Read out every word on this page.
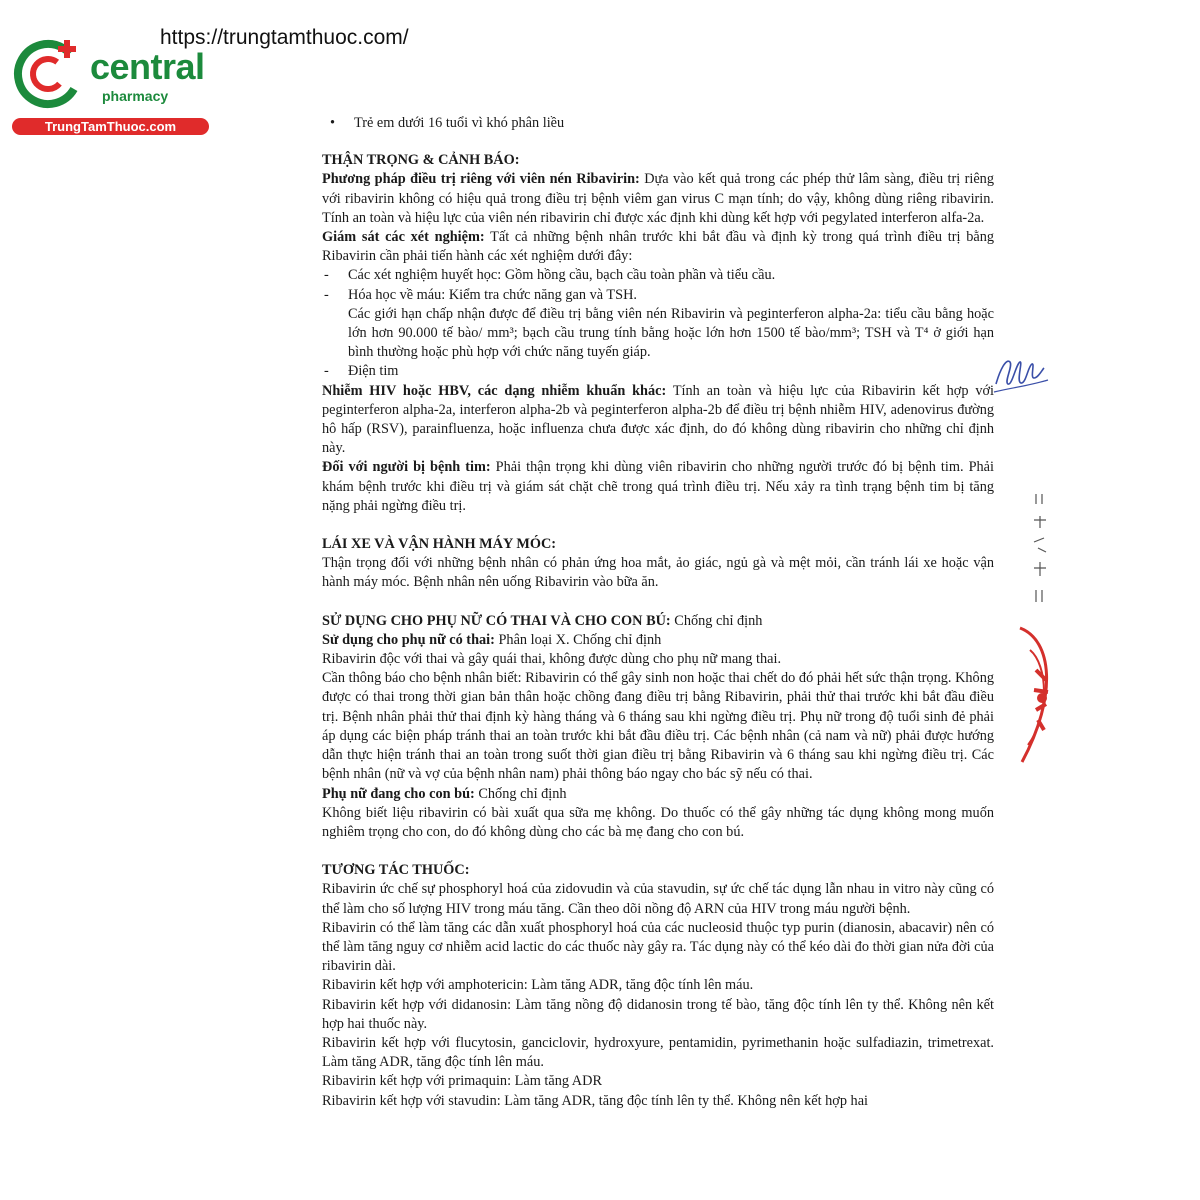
https://trungtamthuoc.com/
central
pharmacy
TrungTamThuoc.com

•	Trẻ em dưới 16 tuổi vì khó phân liều

THẬN TRỌNG & CẢNH BÁO:

Phương pháp điều trị riêng với viên nén Ribavirin: Dựa vào kết quả trong các phép thử lâm sàng, điều trị riêng với ribavirin không có hiệu quả trong điều trị bệnh viêm gan virus C mạn tính; do vậy, không dùng riêng ribavirin. Tính an toàn và hiệu lực của viên nén ribavirin chỉ được xác định khi dùng kết hợp với pegylated interferon alfa-2a.

Giám sát các xét nghiệm: Tất cả những bệnh nhân trước khi bắt đầu và định kỳ trong quá trình điều trị bằng Ribavirin cần phải tiến hành các xét nghiệm dưới đây:

- Các xét nghiệm huyết học: Gồm hồng cầu, bạch cầu toàn phần và tiểu cầu.

- Hóa học về máu: Kiểm tra chức năng gan và TSH.

Các giới hạn chấp nhận được để điều trị bằng viên nén Ribavirin và peginterferon alpha-2a: tiểu cầu bằng hoặc lớn hơn 90.000 tế bào/ mm³; bạch cầu trung tính bằng hoặc lớn hơn 1500 tế bào/mm³; TSH và T⁴ ở giới hạn bình thường hoặc phù hợp với chức năng tuyến giáp.

- Điện tim

Nhiễm HIV hoặc HBV, các dạng nhiễm khuẩn khác: Tính an toàn và hiệu lực của Ribavirin kết hợp với peginterferon alpha-2a, interferon alpha-2b và peginterferon alpha-2b để điều trị bệnh nhiễm HIV, adenovirus đường hô hấp (RSV), parainfluenza, hoặc influenza chưa được xác định, do đó không dùng ribavirin cho những chỉ định này.

Đối với người bị bệnh tim: Phải thận trọng khi dùng viên ribavirin cho những người trước đó bị bệnh tim. Phải khám bệnh trước khi điều trị và giám sát chặt chẽ trong quá trình điều trị. Nếu xảy ra tình trạng bệnh tim bị tăng nặng phải ngừng điều trị.

LÁI XE VÀ VẬN HÀNH MÁY MÓC:

Thận trọng đối với những bệnh nhân có phản ứng hoa mắt, ảo giác, ngủ gà và mệt mỏi, cần tránh lái xe hoặc vận hành máy móc. Bệnh nhân nên uống Ribavirin vào bữa ăn.

SỬ DỤNG CHO PHỤ NỮ CÓ THAI VÀ CHO CON BÚ: Chống chỉ định

Sử dụng cho phụ nữ có thai: Phân loại X. Chống chỉ định

Ribavirin độc với thai và gây quái thai, không được dùng cho phụ nữ mang thai.

Cần thông báo cho bệnh nhân biết: Ribavirin có thể gây sinh non hoặc thai chết do đó phải hết sức thận trọng. Không được có thai trong thời gian bản thân hoặc chồng đang điều trị bằng Ribavirin, phải thử thai trước khi bắt đầu điều trị. Bệnh nhân phải thử thai định kỳ hàng tháng và 6 tháng sau khi ngừng điều trị. Phụ nữ trong độ tuổi sinh đẻ phải áp dụng các biện pháp tránh thai an toàn trước khi bắt đầu điều trị. Các bệnh nhân (cả nam và nữ) phải được hướng dẫn thực hiện tránh thai an toàn trong suốt thời gian điều trị bằng Ribavirin và 6 tháng sau khi ngừng điều trị. Các bệnh nhân (nữ và vợ của bệnh nhân nam) phải thông báo ngay cho bác sỹ nếu có thai.

Phụ nữ đang cho con bú: Chống chỉ định

Không biết liệu ribavirin có bài xuất qua sữa mẹ không. Do thuốc có thể gây những tác dụng không mong muốn nghiêm trọng cho con, do đó không dùng cho các bà mẹ đang cho con bú.

TƯƠNG TÁC THUỐC:

Ribavirin ức chế sự phosphoryl hoá của zidovudin và của stavudin, sự ức chế tác dụng lẫn nhau in vitro này cũng có thể làm cho số lượng HIV trong máu tăng. Cần theo dõi nồng độ ARN của HIV trong máu người bệnh.

Ribavirin có thể làm tăng các dẫn xuất phosphoryl hoá của các nucleosid thuộc typ purin (dianosin, abacavir) nên có thể làm tăng nguy cơ nhiễm acid lactic do các thuốc này gây ra. Tác dụng này có thể kéo dài đo thời gian nửa đời của ribavirin dài.

Ribavirin kết hợp với amphotericin: Làm tăng ADR, tăng độc tính lên máu.

Ribavirin kết hợp với didanosin: Làm tăng nồng độ didanosin trong tế bào, tăng độc tính lên ty thể. Không nên kết hợp hai thuốc này.

Ribavirin kết hợp với flucytosin, ganciclovir, hydroxyure, pentamidin, pyrimethanin hoặc sulfadiazin, trimetrexat. Làm tăng ADR, tăng độc tính lên máu.

Ribavirin kết hợp với primaquin: Làm tăng ADR

Ribavirin kết hợp với stavudin: Làm tăng ADR, tăng độc tính lên ty thể. Không nên kết hợp hai
